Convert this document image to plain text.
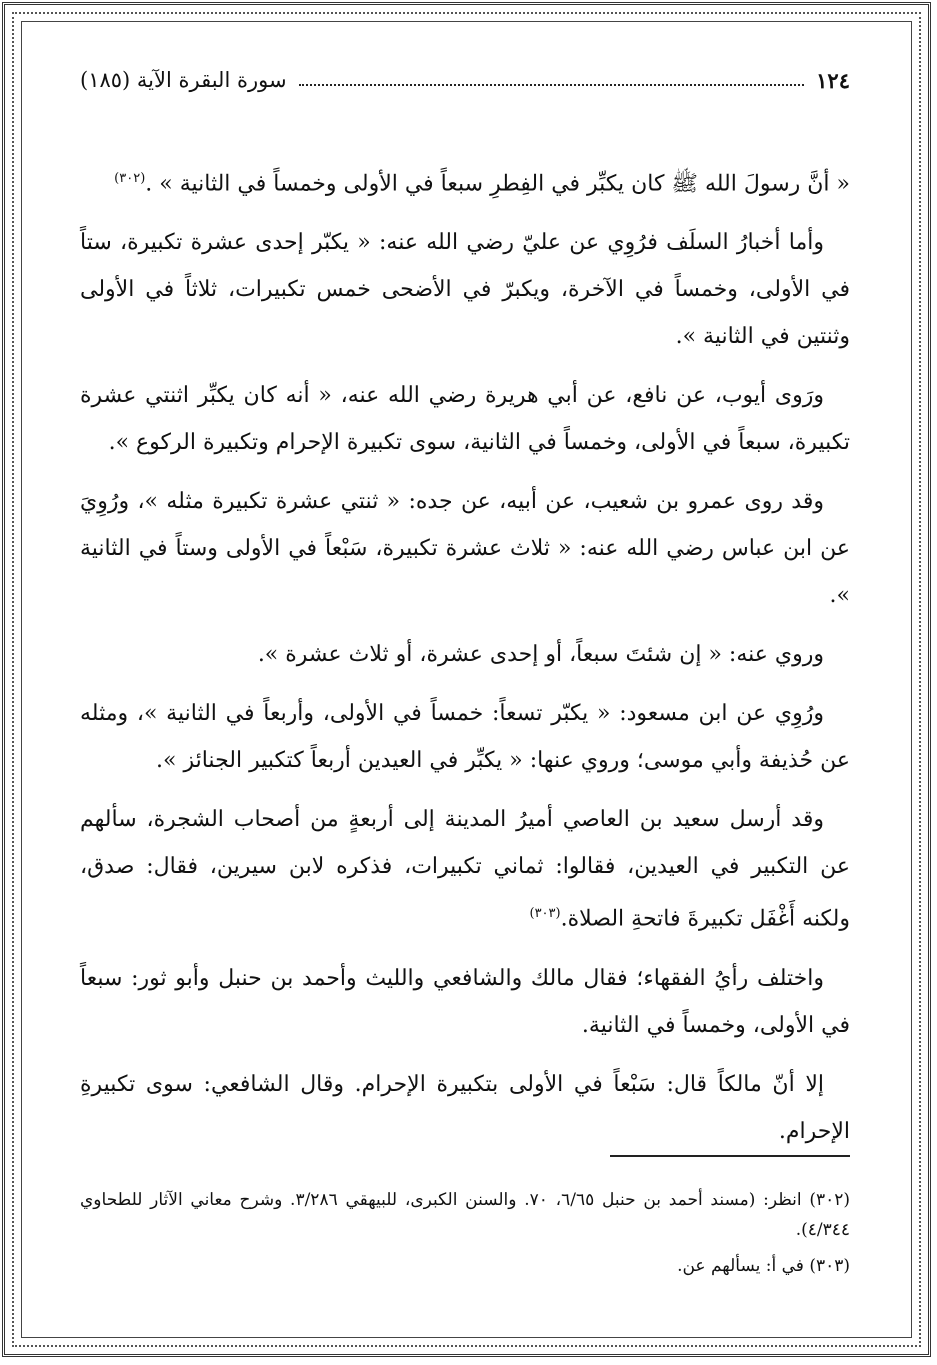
١٢٤
سورة البقرة الآية (١٨٥)

« أنَّ رسولَ الله ﷺ كان يكبِّر في الفِطرِ سبعاً في الأولى وخمساً في الثانية » .$^{(٣٠٢)}$

وأما أخبارُ السلَف فرُوِي عن عليّ رضي الله عنه: « يكبّر إحدى عشرة تكبيرة، ستاً في الأولى، وخمساً في الآخرة، ويكبرّ في الأضحى خمس تكبيرات، ثلاثاً في الأولى وثنتين في الثانية ».

ورَوى أيوب، عن نافع، عن أبي هريرة رضي الله عنه، « أنه كان يكبِّر اثنتي عشرة تكبيرة، سبعاً في الأولى، وخمساً في الثانية، سوى تكبيرة الإحرام وتكبيرة الركوع ».

وقد روى عمرو بن شعيب، عن أبيه، عن جده: « ثنتي عشرة تكبيرة مثله »، ورُوِيَ عن ابن عباس رضي الله عنه: « ثلاث عشرة تكبيرة، سَبْعاً في الأولى وستاً في الثانية ».

وروي عنه: « إن شئتَ سبعاً، أو إحدى عشرة، أو ثلاث عشرة ».

ورُوِي عن ابن مسعود: « يكبّر تسعاً: خمساً في الأولى، وأربعاً في الثانية »، ومثله عن حُذيفة وأبي موسى؛ وروي عنها: « يكبِّر في العيدين أربعاً كتكبير الجنائز ».

وقد أرسل سعيد بن العاصي أميرُ المدينة إلى أربعةٍ من أصحاب الشجرة، سألهم عن التكبير في العيدين، فقالوا: ثماني تكبيرات، فذكره لابن سيرين، فقال: صدق، ولكنه أَغْفَل تكبيرةَ فاتحةِ الصلاة.$^{(٣٠٣)}$

واختلف رأيُ الفقهاء؛ فقال مالك والشافعي والليث وأحمد بن حنبل وأبو ثور: سبعاً في الأولى، وخمساً في الثانية.

إلا أنّ مالكاً قال: سَبْعاً في الأولى بتكبيرة الإحرام. وقال الشافعي: سوى تكبيرةِ الإحرام.

(٣٠٢) انظر: (مسند أحمد بن حنبل ٦/٦٥، ٧٠. والسنن الكبرى، للبيهقي ٣/٢٨٦. وشرح معاني الآثار للطحاوي ٤/٣٤٤).

(٣٠٣) في أ: يسألهم عن.
